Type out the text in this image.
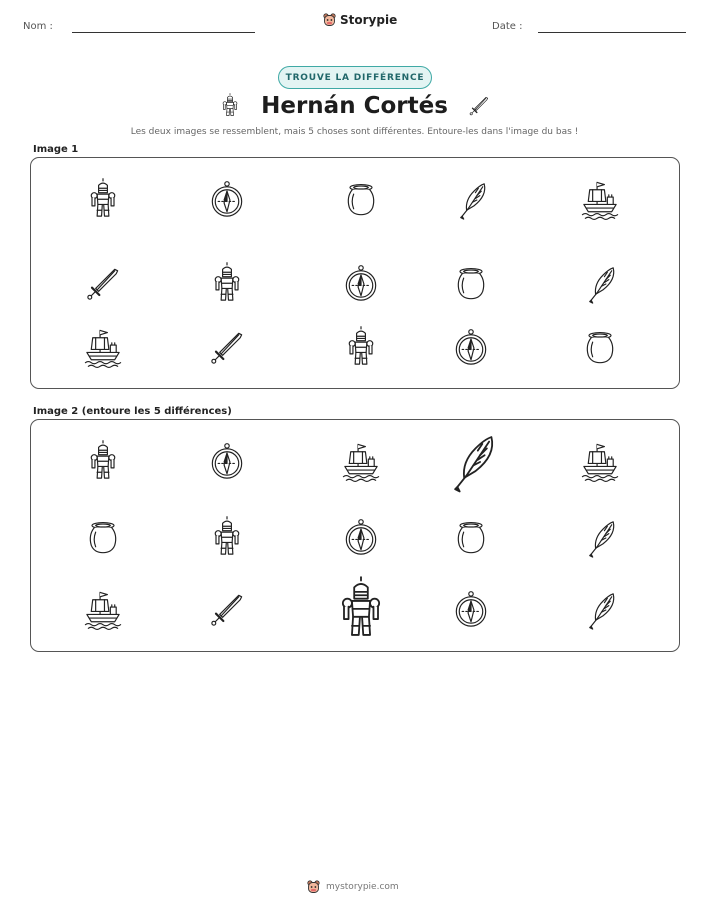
Nom :	Storypie	Date :
TROUVE LA DIFFÉRENCE
Hernán Cortés
Les deux images se ressemblent, mais 5 choses sont différentes. Entoure-les dans l'image du bas !
Image 1
Image 2 (entoure les 5 différences)
mystorypie.com
